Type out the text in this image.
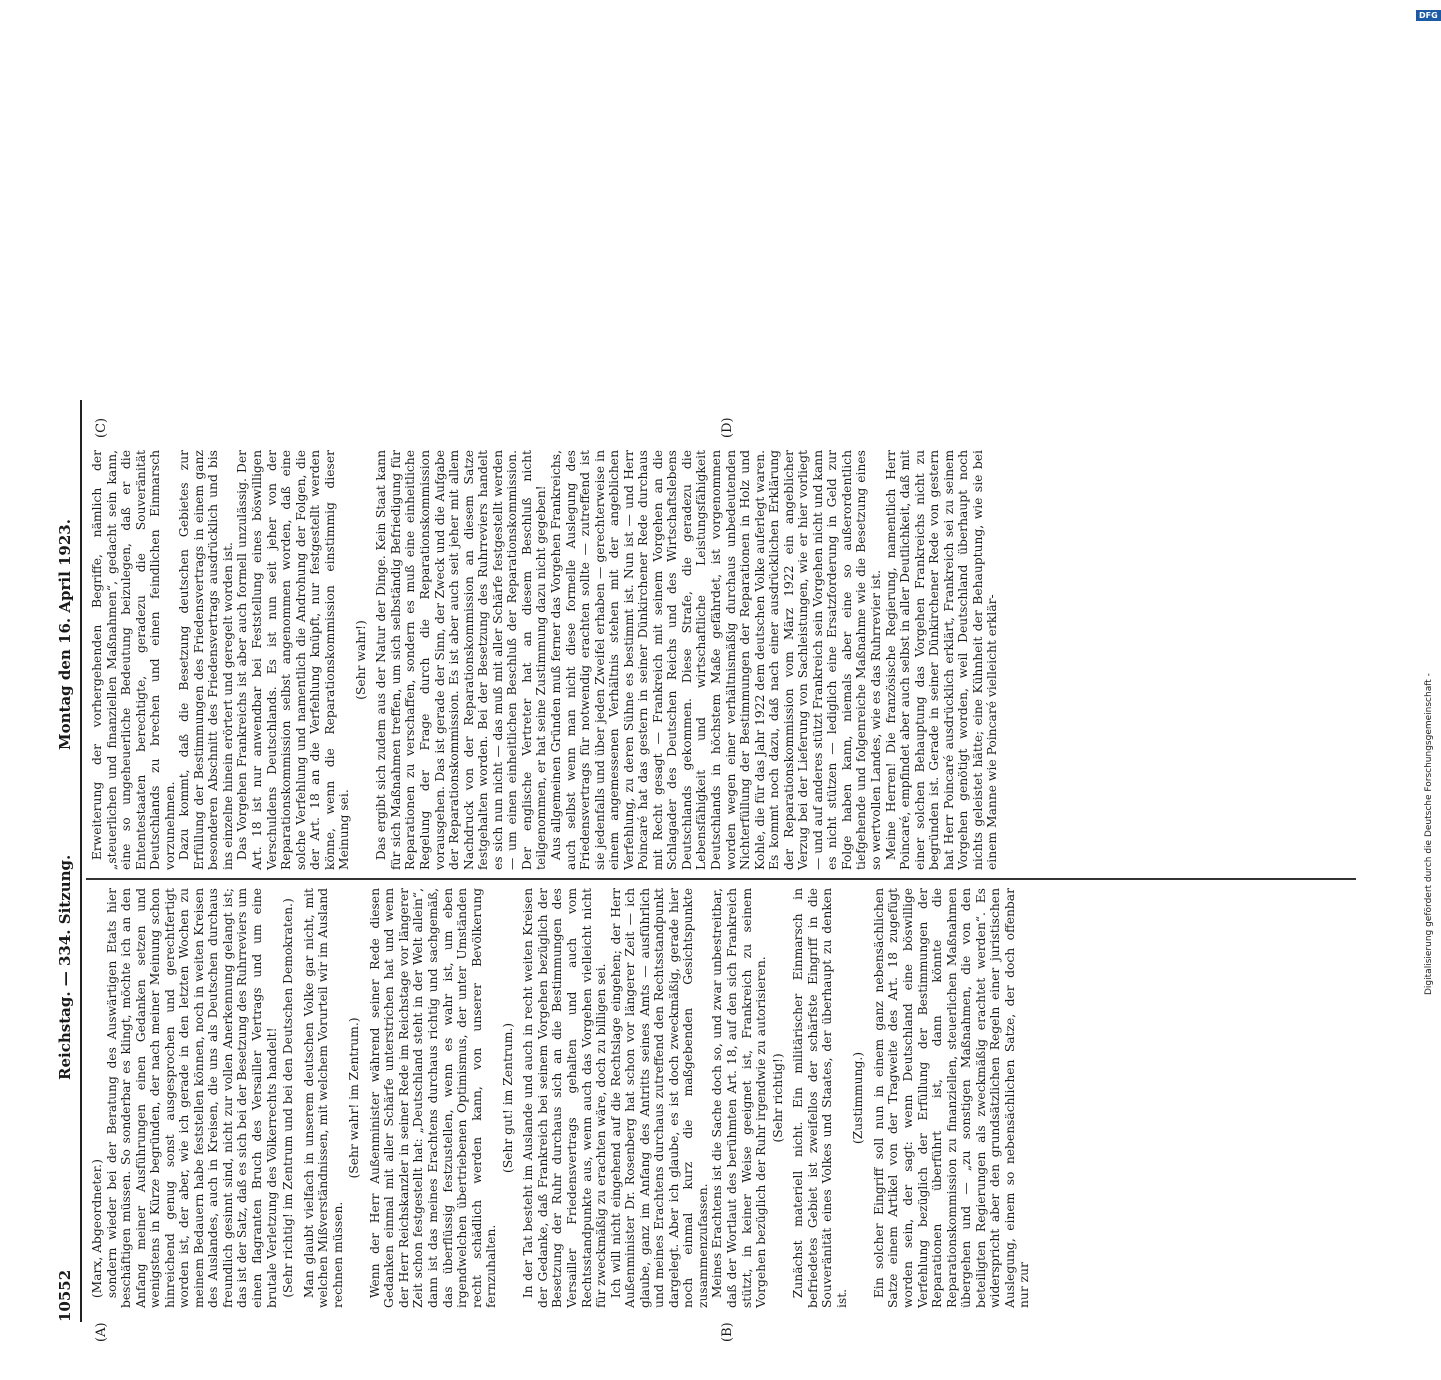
10552
Reichstag. — 334. Sitzung.
Montag den 16. April 1923.
(A)	(B)
(C)	(D)

(Marx, Abgeordneter.) sondern wieder bei der Beratung des Auswärtigen Etats hier beschäftigen müssen. So sonderbar es klingt, möchte ich an den Anfang meiner Ausführungen einen Gedanken setzen und wenigstens in Kürze begründen, der nach meiner Meinung schon hinreichend genug sonst ausgesprochen und gerechtfertigt worden ist, der aber, wie ich gerade in den letzten Wochen zu meinem Bedauern habe feststellen können, noch in weiten Kreisen des Auslandes, auch in Kreisen, die uns als Deutschen durchaus freundlich gesinnt sind, nicht zur vollen Anerkennung gelangt ist; das ist der Satz, daß es sich bei der Besetzung des Ruhrreviers um einen flagranten Bruch des Versailler Vertrags und um eine brutale Verletzung des Völkerrechts handelt! (Sehr richtig! im Zentrum und bei den Deutschen Demokraten.) Man glaubt vielfach in unserem deutschen Volke gar nicht, mit welchen Mißverständnissen, mit welchem Vorurteil wir im Ausland rechnen müssen.

(Sehr wahr! im Zentrum.) Wenn der Herr Außenminister während seiner Rede diesen Gedanken einmal mit aller Schärfe unterstrichen hat und wenn der Herr Reichskanzler in seiner Rede im Reichstage vor längerer Zeit schon festgestellt hat: „Deutschland steht in der Welt allein“, dann ist das meines Erachtens durchaus richtig und sachgemäß, das überflüssig festzustellen, wenn es wahr ist, um eben irgendwelchen übertriebenen Optimismus, der unter Umständen recht schädlich werden kann, von unserer Bevölkerung fernzuhalten.

(Sehr gut! im Zentrum.) In der Tat besteht im Auslande und auch in recht weiten Kreisen der Gedanke, daß Frankreich bei seinem Vorgehen bezüglich der Besetzung der Ruhr durchaus sich an die Bestimmungen des Versailler Friedensvertrags gehalten und auch vom Rechtsstandpunkte aus, wenn auch das Vorgehen vielleicht nicht für zweckmäßig zu erachten wäre, doch zu billigen sei. Ich will nicht eingehend auf die Rechtslage eingehen; der Herr Außenminister Dr. Rosenberg hat schon vor längerer Zeit — ich glaube, ganz im Anfang des Antritts seines Amts — ausführlich und meines Erachtens durchaus zutreffend den Rechtsstandpunkt dargelegt. Aber ich glaube, es ist doch zweckmäßig, gerade hier noch einmal kurz die maßgebenden Gesichtspunkte zusammenzufassen. Meines Erachtens ist die Sache doch so, und zwar unbestreitbar, daß der Wortlaut des berühmten Art. 18, auf den sich Frankreich stützt, in keiner Weise geeignet ist, Frankreich zu seinem Vorgehen bezüglich der Ruhr irgendwie zu autorisieren. (Sehr richtig!) Zunächst materiell nicht. Ein militärischer Einmarsch in befriedetes Gebiet ist zweifellos der schärfste Eingriff in die Souveränität eines Volkes und Staates, der überhaupt zu denken ist.

(Zustimmung.) Ein solcher Eingriff soll nun in einem ganz nebensächlichen Satze einem Artikel von der Tragweite des Art. 18 zugefügt worden sein, der sagt: wenn Deutschland eine böswillige Verfehlung bezüglich der Erfüllung der Bestimmungen der Reparationen überführt ist, dann könnte die Reparationskommission zu finanziellen, steuerlichen Maßnahmen übergehen und — „zu sonstigen Maßnahmen, die von den beteiligten Regierungen als zweckmäßig erachtet werden“. Es widerspricht aber den grundsätzlichen Regeln einer juristischen Auslegung, einem so nebensächlichen Satze, der doch offenbar nur zur

Erweiterung der vorhergehenden Begriffe, nämlich der „steuerlichen und finanziellen Maßnahmen“, gedacht sein kann, eine so ungeheuerliche Bedeutung beizulegen, daß er die Ententestaaten berechtigte, geradezu die Souveränität Deutschlands zu brechen und einen feindlichen Einmarsch vorzunehmen. Dazu kommt, daß die Besetzung deutschen Gebietes zur Erfüllung der Bestimmungen des Friedensvertrags in einem ganz besonderen Abschnitt des Friedensvertrags ausdrücklich und bis ins einzelne hinein erörtert und geregelt worden ist. Das Vorgehen Frankreichs ist aber auch formell unzulässig. Der Art. 18 ist nur anwendbar bei Feststellung eines böswilligen Verschuldens Deutschlands. Es ist nun seit jeher von der Reparationskommission selbst angenommen worden, daß eine solche Verfehlung und namentlich die Androhung der Folgen, die der Art. 18 an die Verfehlung knüpft, nur festgestellt werden könne, wenn die Reparationskommission einstimmig dieser Meinung sei.

(Sehr wahr!) Das ergibt sich zudem aus der Natur der Dinge. Kein Staat kann für sich Maßnahmen treffen, um sich selbständig Befriedigung für Reparationen zu verschaffen, sondern es muß eine einheitliche Regelung der Frage durch die Reparationskommission vorausgehen. Das ist gerade der Sinn, der Zweck und die Aufgabe der Reparationskommission. Es ist aber auch seit jeher mit allem Nachdruck von der Reparationskommission an diesem Satze festgehalten worden. Bei der Besetzung des Ruhrreviers handelt es sich nun nicht — das muß mit aller Schärfe festgestellt werden — um einen einheitlichen Beschluß der Reparationskommission. Der englische Vertreter hat an diesem Beschluß nicht teilgenommen, er hat seine Zustimmung dazu nicht gegeben! Aus allgemeinen Gründen muß ferner das Vorgehen Frankreichs, auch selbst wenn man nicht diese formelle Auslegung des Friedensvertrags für notwendig erachten sollte — zutreffend ist sie jedenfalls und über jeden Zweifel erhaben — gerechterweise in einem angemessenen Verhältnis stehen mit der angeblichen Verfehlung, zu deren Sühne es bestimmt ist. Nun ist — und Herr Poincaré hat das gestern in seiner Dünkirchener Rede durchaus mit Recht gesagt — Frankreich mit seinem Vorgehen an die Schlagader des Deutschen Reichs und des Wirtschaftslebens Deutschlands gekommen. Diese Strafe, die geradezu die Lebensfähigkeit und wirtschaftliche Leistungsfähigkeit Deutschlands in höchstem Maße gefährdet, ist vorgenommen worden wegen einer verhältnismäßig durchaus unbedeutenden Nichterfüllung der Bestimmungen der Reparationen in Holz und Kohle, die für das Jahr 1922 dem deutschen Volke auferlegt waren. Es kommt noch dazu, daß nach einer ausdrücklichen Erklärung der Reparationskommission vom März 1922 ein angeblicher Verzug bei der Lieferung von Sachleistungen, wie er hier vorliegt — und auf anderes stützt Frankreich sein Vorgehen nicht und kann es nicht stützen — lediglich eine Ersatzforderung in Geld zur Folge haben kann, niemals aber eine so außerordentlich tiefgehende und folgenreiche Maßnahme wie die Besetzung eines so wertvollen Landes, wie es das Ruhrrevier ist. Meine Herren! Die französische Regierung, namentlich Herr Poincaré, empfindet aber auch selbst in aller Deutlichkeit, daß mit einer solchen Behauptung das Vorgehen Frankreichs nicht zu begründen ist. Gerade in seiner Dünkirchener Rede von gestern hat Herr Poincaré ausdrücklich erklärt, Frankreich sei zu seinem Vorgehen genötigt worden, weil Deutschland überhaupt noch nichts geleistet hätte; eine Kühnheit der Behauptung, wie sie bei einem Manne wie Poincaré vielleicht erklär-	Digitalisierung gefördert durch die Deutsche Forschungsgemeinschaft -
DFG
